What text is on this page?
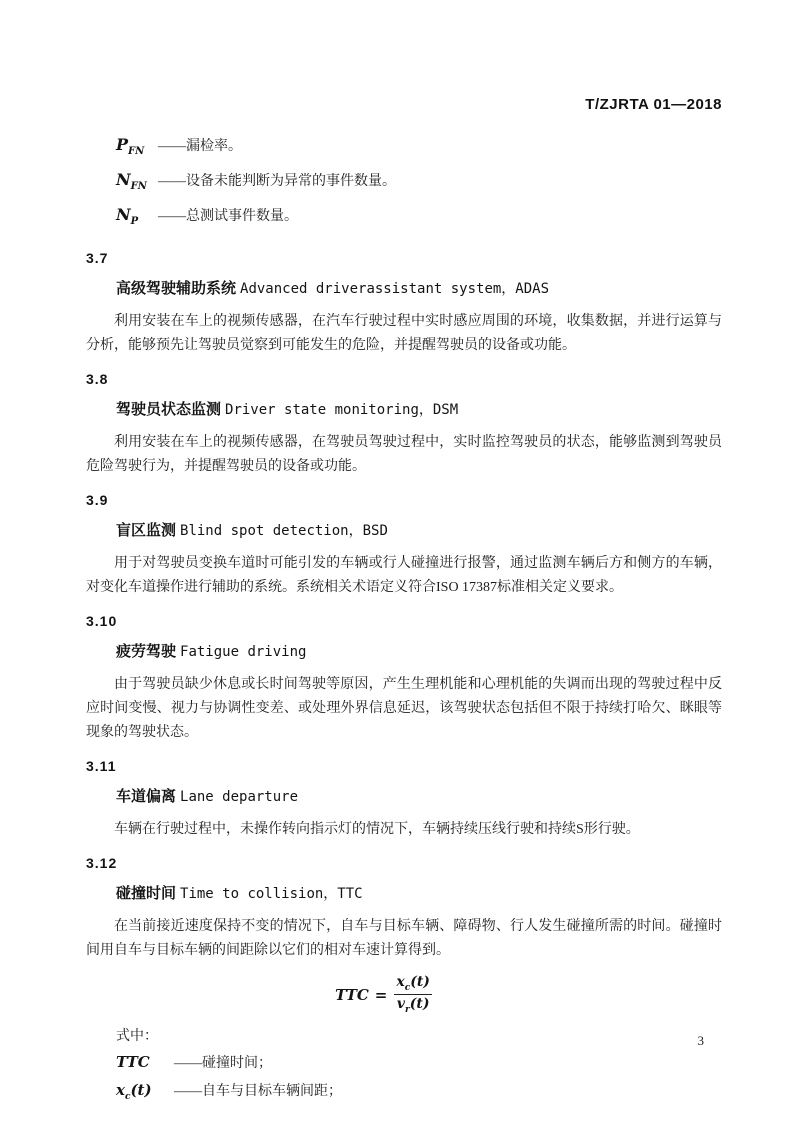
T/ZJRTA 01—2018
$P_{FN}$ ——漏检率。
$N_{FN}$ ——设备未能判断为异常的事件数量。
$N_P$	——总测试事件数量。
3.7
高级驾驶辅助系统 Advanced driverassistant system，ADAS
利用安装在车上的视频传感器，在汽车行驶过程中实时感应周围的环境，收集数据，并进行运算与分析，能够预先让驾驶员觉察到可能发生的危险，并提醒驾驶员的设备或功能。
3.8
驾驶员状态监测 Driver state monitoring，DSM
利用安装在车上的视频传感器，在驾驶员驾驶过程中，实时监控驾驶员的状态，能够监测到驾驶员危险驾驶行为，并提醒驾驶员的设备或功能。
3.9
盲区监测 Blind spot detection，BSD
用于对驾驶员变换车道时可能引发的车辆或行人碰撞进行报警，通过监测车辆后方和侧方的车辆，对变化车道操作进行辅助的系统。系统相关术语定义符合ISO 17387标准相关定义要求。
3.10
疲劳驾驶 Fatigue driving
由于驾驶员缺少休息或长时间驾驶等原因，产生生理机能和心理机能的失调而出现的驾驶过程中反应时间变慢、视力与协调性变差、或处理外界信息延迟，该驾驶状态包括但不限于持续打哈欠、眯眼等现象的驾驶状态。
3.11
车道偏离 Lane departure
车辆在行驶过程中，未操作转向指示灯的情况下，车辆持续压线行驶和持续S形行驶。
3.12
碰撞时间 Time to collision，TTC
在当前接近速度保持不变的情况下，自车与目标车辆、障碍物、行人发生碰撞所需的时间。碰撞时间用自车与目标车辆的间距除以它们的相对车速计算得到。
TTC = $\frac{x_c(t)}{v_r(t)}$
式中：
TTC	——碰撞时间；
$x_c(t)$	——自车与目标车辆间距；
3
